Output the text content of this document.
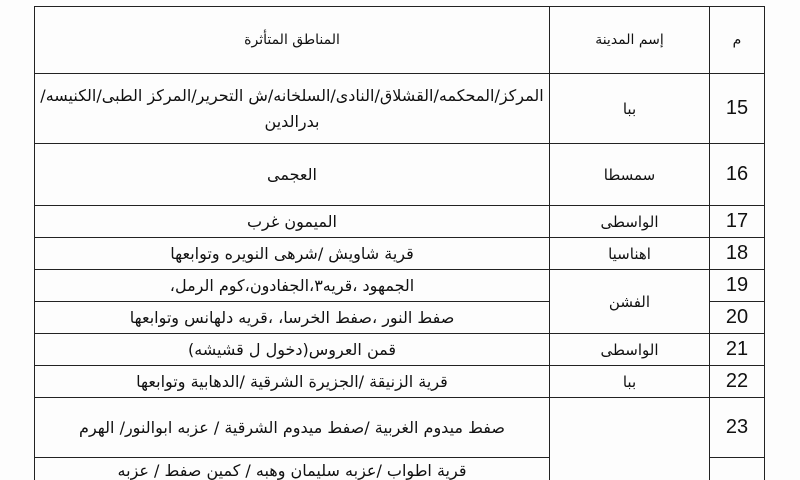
م	إسم المدينة	المناطق المتأثرة
15	ببا	المركز/المحكمه/القشلاق/النادى/السلخانه/ش التحرير/المركز الطبى/الكنيسه/بدرالدين
16	سمسطا	العجمى
17	الواسطى	الميمون غرب
18	اهناسيا	قرية شاويش /شرهى النويره وتوابعها
19	الفشن	الجمهود ،قريه٣،الجفادون،كوم الرمل،
20		صفط النور ،صفط الخرسا، ،قريه دلهانس وتوابعها
21	الواسطى	قمن العروس(دخول ل قشيشه)
22	ببا	قرية الزنيقة /الجزيرة الشرقية /الدهابية وتوابعها
23		صفط ميدوم الغربية /صفط ميدوم الشرقية / عزبه ابوالنور/ الهرم
		قرية اطواب /عزبه سليمان وهبه / كمين صفط / عزبه
